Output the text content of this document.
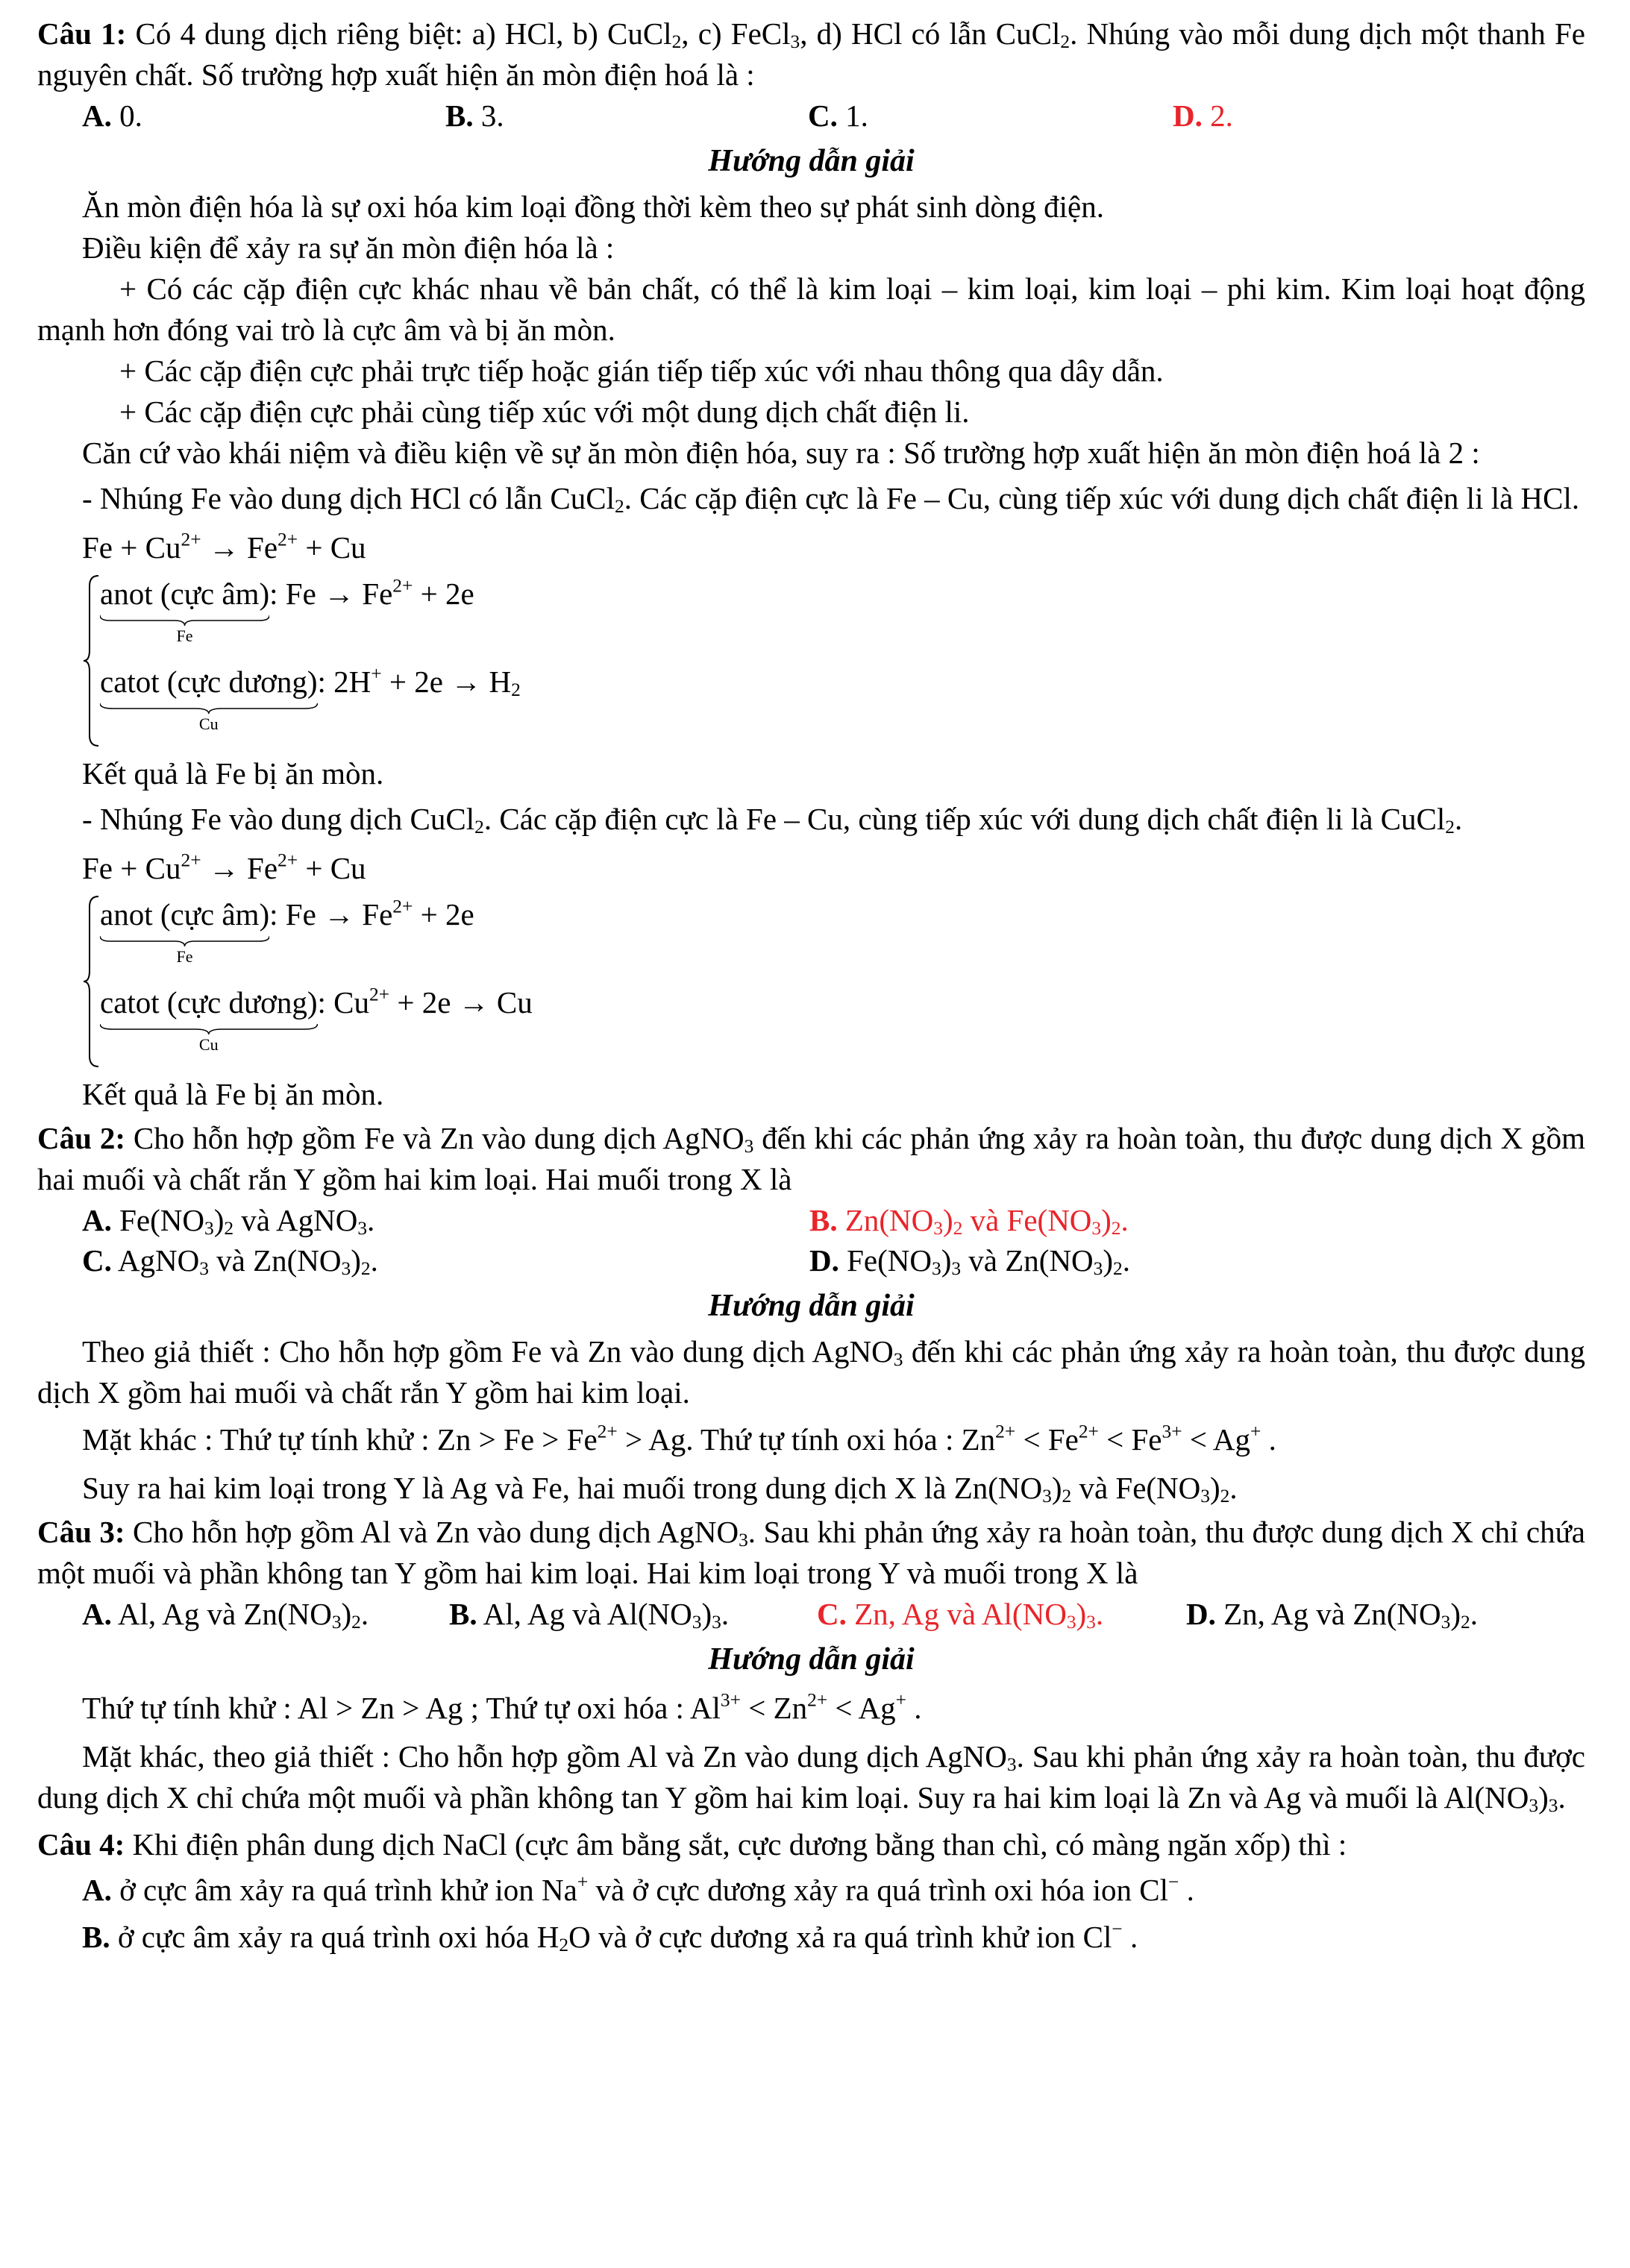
Câu 1: Có 4 dung dịch riêng biệt: a) HCl, b) CuCl$_2$, c) FeCl$_3$, d) HCl có lẫn CuCl$_2$. Nhúng vào mỗi dung dịch một thanh Fe nguyên chất. Số trường hợp xuất hiện ăn mòn điện hoá là :

A. 0.	B. 3.	C. 1.	D. 2.

Hướng dẫn giải

Ăn mòn điện hóa là sự oxi hóa kim loại đồng thời kèm theo sự phát sinh dòng điện.

Điều kiện để xảy ra sự ăn mòn điện hóa là :

+ Có các cặp điện cực khác nhau về bản chất, có thể là kim loại – kim loại, kim loại – phi kim. Kim loại hoạt động mạnh hơn đóng vai trò là cực âm và bị ăn mòn.

+ Các cặp điện cực phải trực tiếp hoặc gián tiếp tiếp xúc với nhau thông qua dây dẫn.

+ Các cặp điện cực phải cùng tiếp xúc với một dung dịch chất điện li.

Căn cứ vào khái niệm và điều kiện về sự ăn mòn điện hóa, suy ra : Số trường hợp xuất hiện ăn mòn điện hoá là 2 :

- Nhúng Fe vào dung dịch HCl có lẫn CuCl$_2$. Các cặp điện cực là Fe – Cu, cùng tiếp xúc với dung dịch chất điện li là HCl.

$Fe + Cu^{2+} \to Fe^{2+} + Cu$
anot (cực âm)
Fe
: $Fe \to Fe^{2+} + 2e$
catot (cực dương)
Cu
: $2H^+ + 2e \to H_2$

Kết quả là Fe bị ăn mòn.

- Nhúng Fe vào dung dịch CuCl$_2$. Các cặp điện cực là Fe – Cu, cùng tiếp xúc với dung dịch chất điện li là CuCl$_2$.

$Fe + Cu^{2+} \to Fe^{2+} + Cu$
anot (cực âm)
Fe
: $Fe \to Fe^{2+} + 2e$
catot (cực dương)
Cu
: $Cu^{2+} + 2e \to Cu$

Kết quả là Fe bị ăn mòn.

Câu 2: Cho hỗn hợp gồm Fe và Zn vào dung dịch AgNO$_3$ đến khi các phản ứng xảy ra hoàn toàn, thu được dung dịch X gồm hai muối và chất rắn Y gồm hai kim loại. Hai muối trong X là

A. $Fe(NO_3)_2$ và AgNO$_3$.	B. $Zn(NO_3)_2$ và $Fe(NO_3)_2$.
C. AgNO$_3$ và $Zn(NO_3)_2$.	D. $Fe(NO_3)_3$ và $Zn(NO_3)_2$.

Hướng dẫn giải

Theo giả thiết : Cho hỗn hợp gồm Fe và Zn vào dung dịch AgNO$_3$ đến khi các phản ứng xảy ra hoàn toàn, thu được dung dịch X gồm hai muối và chất rắn Y gồm hai kim loại.

Mặt khác : Thứ tự tính khử : $Zn > Fe > Fe^{2+} > Ag$. Thứ tự tính oxi hóa : $Zn^{2+} < Fe^{2+} < Fe^{3+} < Ag^+$ .

Suy ra hai kim loại trong Y là Ag và Fe, hai muối trong dung dịch X là $Zn(NO_3)_2$ và $Fe(NO_3)_2$.

Câu 3: Cho hỗn hợp gồm Al và Zn vào dung dịch AgNO$_3$. Sau khi phản ứng xảy ra hoàn toàn, thu được dung dịch X chỉ chứa một muối và phần không tan Y gồm hai kim loại. Hai kim loại trong Y và muối trong X là

A. Al, Ag và $Zn(NO_3)_2$.	B. Al, Ag và $Al(NO_3)_3$.	C. Zn, Ag và $Al(NO_3)_3$.	D. Zn, Ag và $Zn(NO_3)_2$.

Hướng dẫn giải

Thứ tự tính khử : Al > Zn > Ag ; Thứ tự oxi hóa : $Al^{3+} < Zn^{2+} < Ag^+$ .

Mặt khác, theo giả thiết : Cho hỗn hợp gồm Al và Zn vào dung dịch AgNO$_3$. Sau khi phản ứng xảy ra hoàn toàn, thu được dung dịch X chỉ chứa một muối và phần không tan Y gồm hai kim loại. Suy ra hai kim loại là Zn và Ag và muối là $Al(NO_3)_3$.

Câu 4: Khi điện phân dung dịch NaCl (cực âm bằng sắt, cực dương bằng than chì, có màng ngăn xốp) thì :

A. ở cực âm xảy ra quá trình khử ion Na+ và ở cực dương xảy ra quá trình oxi hóa ion Cl− .

B. ở cực âm xảy ra quá trình oxi hóa $H_2O$ và ở cực dương xả ra quá trình khử ion Cl− .
